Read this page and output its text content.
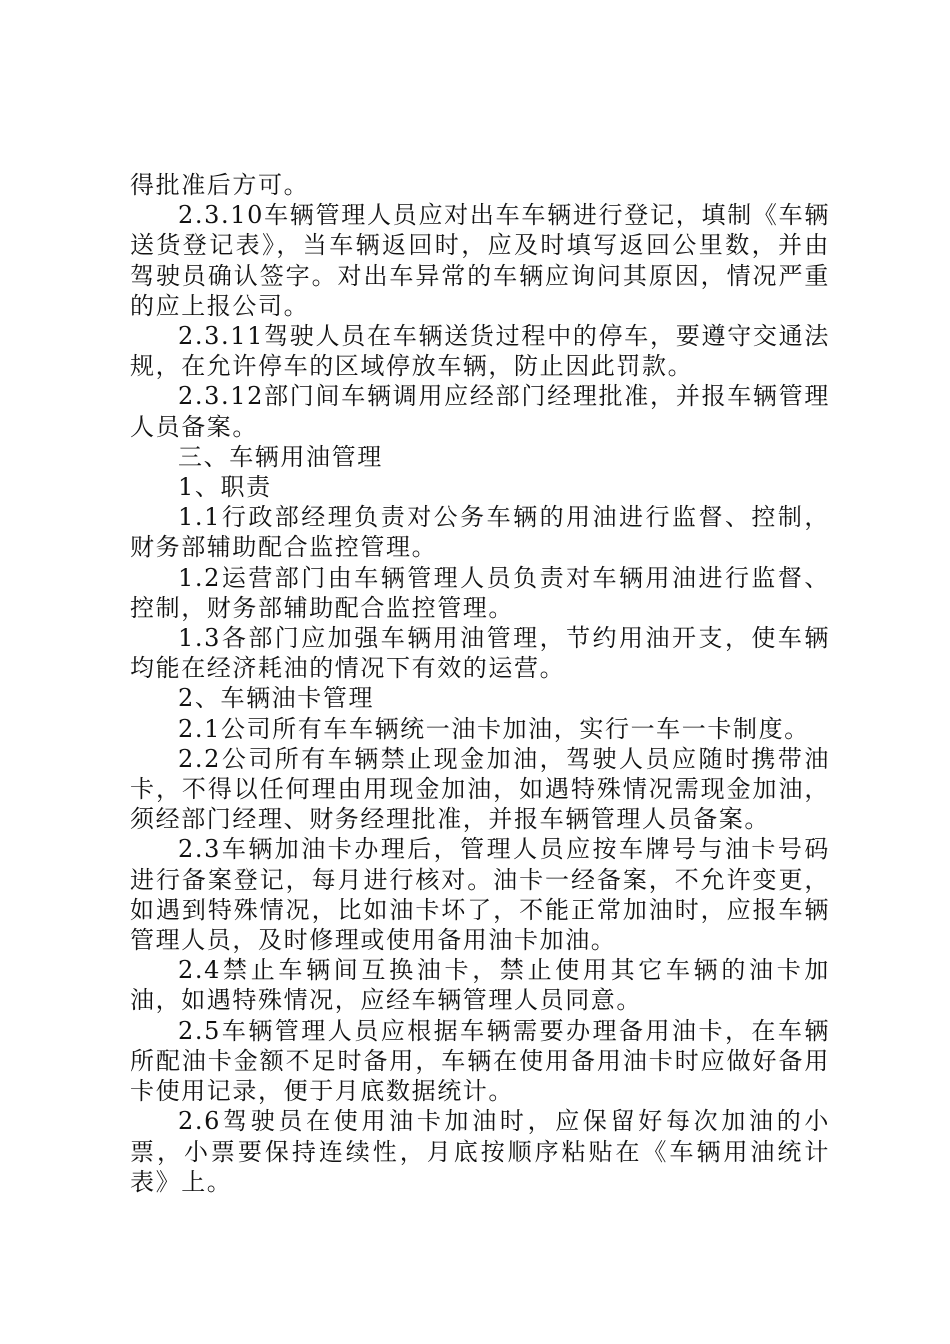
得批准后方可。

2.3.10车辆管理人员应对出车车辆进行登记，填制《车辆送货登记表》，当车辆返回时，应及时填写返回公里数，并由驾驶员确认签字。对出车异常的车辆应询问其原因，情况严重的应上报公司。

2.3.11驾驶人员在车辆送货过程中的停车，要遵守交通法规，在允许停车的区域停放车辆，防止因此罚款。

2.3.12部门间车辆调用应经部门经理批准，并报车辆管理人员备案。

三、车辆用油管理

1、职责

1.1行政部经理负责对公务车辆的用油进行监督、控制，财务部辅助配合监控管理。

1.2运营部门由车辆管理人员负责对车辆用油进行监督、控制，财务部辅助配合监控管理。

1.3各部门应加强车辆用油管理，节约用油开支，使车辆均能在经济耗油的情况下有效的运营。

2、车辆油卡管理

2.1公司所有车车辆统一油卡加油，实行一车一卡制度。

2.2公司所有车辆禁止现金加油，驾驶人员应随时携带油卡，不得以任何理由用现金加油，如遇特殊情况需现金加油，须经部门经理、财务经理批准，并报车辆管理人员备案。

2.3车辆加油卡办理后，管理人员应按车牌号与油卡号码进行备案登记，每月进行核对。油卡一经备案，不允许变更，如遇到特殊情况，比如油卡坏了，不能正常加油时，应报车辆管理人员，及时修理或使用备用油卡加油。

2.4禁止车辆间互换油卡，禁止使用其它车辆的油卡加油，如遇特殊情况，应经车辆管理人员同意。

2.5车辆管理人员应根据车辆需要办理备用油卡，在车辆所配油卡金额不足时备用，车辆在使用备用油卡时应做好备用卡使用记录，便于月底数据统计。

2.6驾驶员在使用油卡加油时，应保留好每次加油的小票，小票要保持连续性，月底按顺序粘贴在《车辆用油统计表》上。
